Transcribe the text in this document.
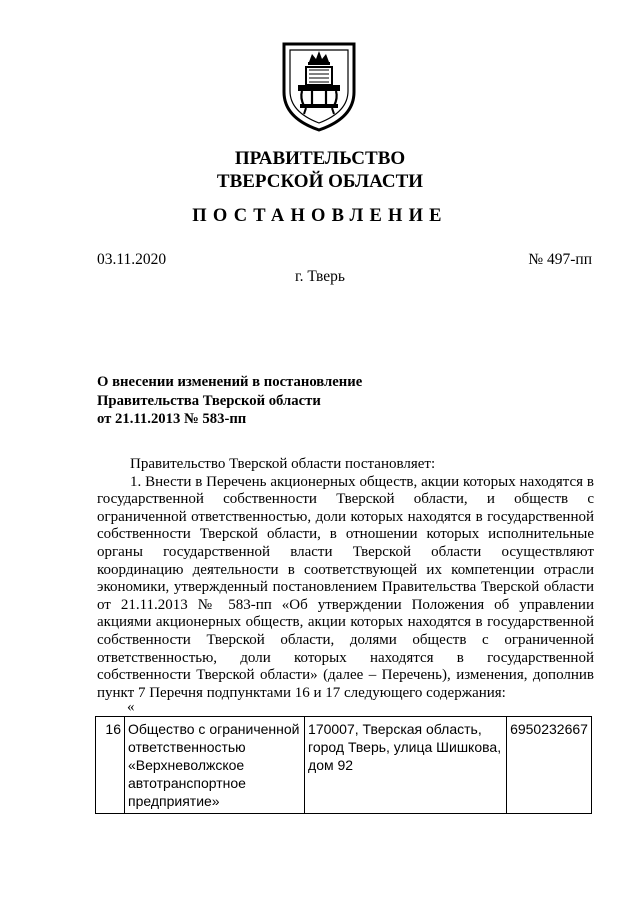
ПРАВИТЕЛЬСТВО
ТВЕРСКОЙ ОБЛАСТИ
ПОСТАНОВЛЕНИЕ
03.11.2020	№ 497-пп
г. Тверь
О внесении изменений в постановление
Правительства Тверской области
от 21.11.2013 № 583-пп

Правительство Тверской области постановляет:

1. Внести в Перечень акционерных обществ, акции которых находятся в государственной собственности Тверской области, и обществ с ограниченной ответственностью, доли которых находятся в государственной собственности Тверской области, в отношении которых исполнительные органы государственной власти Тверской области осуществляют координацию деятельности в соответствующей их компетенции отрасли экономики, утвержденный постановлением Правительства Тверской области от 21.11.2013 № 583-пп «Об утверждении Положения об управлении акциями акционерных обществ, акции которых находятся в государственной собственности Тверской области, долями обществ с ограниченной ответственностью, доли которых находятся в государственной собственности Тверской области» (далее – Перечень), изменения, дополнив пункт 7 Перечня подпунктами 16 и 17 следующего содержания:

«
16	Общество с ограниченной ответственностью «Верхневолжское автотранспортное предприятие»	170007, Тверская область, город Тверь, улица Шишкова, дом 92	6950232667
